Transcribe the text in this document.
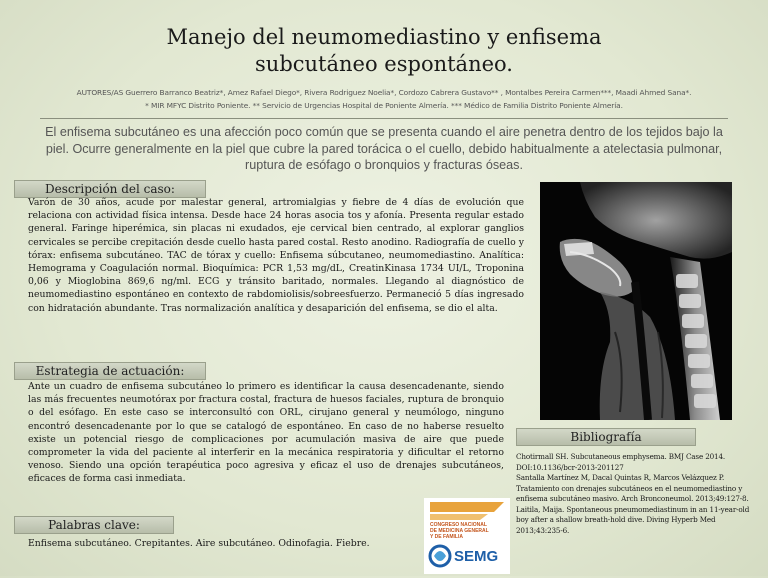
Manejo del neumomediastino y enfisema
subcutáneo espontáneo.
AUTORES/AS Guerrero Barranco Beatriz*, Amez Rafael Diego*, Rivera Rodriguez Noelia*, Cordozo Cabrera Gustavo** , Montalbes Pereira Carmen***, Maadi Ahmed Sana*.
* MIR MFYC Distrito Poniente. ** Servicio de Urgencias Hospital de Poniente Almería. *** Médico de Familia Distrito Poniente Almería.
El enfisema subcutáneo es una afección poco común que se presenta cuando el aire penetra dentro de los tejidos bajo la piel. Ocurre generalmente en la piel que cubre la pared torácica o el cuello, debido habitualmente a atelectasia pulmonar, ruptura de esófago o bronquios y fracturas óseas.
Descripción del caso:
Varón de 30 años, acude por malestar general, artromialgias y fiebre de 4 días de evolución que relaciona con actividad física intensa. Desde hace 24 horas asocia tos y afonía. Presenta regular estado general. Faringe hiperémica, sin placas ni exudados, eje cervical bien centrado, al explorar ganglios cervicales se percibe crepitación desde cuello hasta pared costal. Resto anodino. Radiografía de cuello y tórax: enfisema subcutáneo. TAC de tórax y cuello: Enfisema súbcutaneo, neumomediastino. Analítica: Hemograma y Coagulación normal. Bioquímica: PCR 1,53 mg/dL, CreatinKinasa 1734 UI/L, Troponina 0,06 y Mioglobina 869,6 ng/ml. ECG y tránsito baritado, normales. Llegando al diagnóstico de neumomediastino espontáneo en contexto de rabdomiolisis/sobreesfuerzo. Permaneció 5 días ingresado con hidratación abundante. Tras normalización analítica y desaparición del enfisema, se dio el alta.
Estrategia de actuación:
Ante un cuadro de enfisema subcutáneo lo primero es identificar la causa desencadenante, siendo las más frecuentes neumotórax por fractura costal, fractura de huesos faciales, ruptura de bronquio o del esófago. En este caso se interconsultó con ORL, cirujano general y neumólogo, ninguno encontró desencadenante por lo que se catalogó de espontáneo. En caso de no haberse resuelto existe un potencial riesgo de complicaciones por acumulación masiva de aire que puede comprometer la vida del paciente al interferir en la mecánica respiratoria y dificultar el retorno venoso. Siendo una opción terapéutica poco agresiva y eficaz el uso de drenajes subcutáneos, eficaces de forma casi inmediata.
Palabras clave:
Enfisema subcutáneo. Crepitantes. Aire subcutáneo. Odinofagia. Fiebre.
CONGRESO NACIONAL
DE MEDICINA GENERAL
Y DE FAMILIA
SEMG
Bibliografía
Chotirmall SH. Subcutaneous emphysema. BMJ Case 2014. DOI:10.1136/bcr-2013-201127
Santalla Martínez M, Dacal Quintas R, Marcos Velázquez P. Tratamiento con drenajes subcutáneos en el neumomediastino y enfisema subcutáneo masivo. Arch Bronconeumol. 2013;49:127-8.
Laitila, Maija. Spontaneous pneumomediastinum in an 11-year-old boy after a shallow breath-hold dive. Diving Hyperb Med 2013;43:235-6.
